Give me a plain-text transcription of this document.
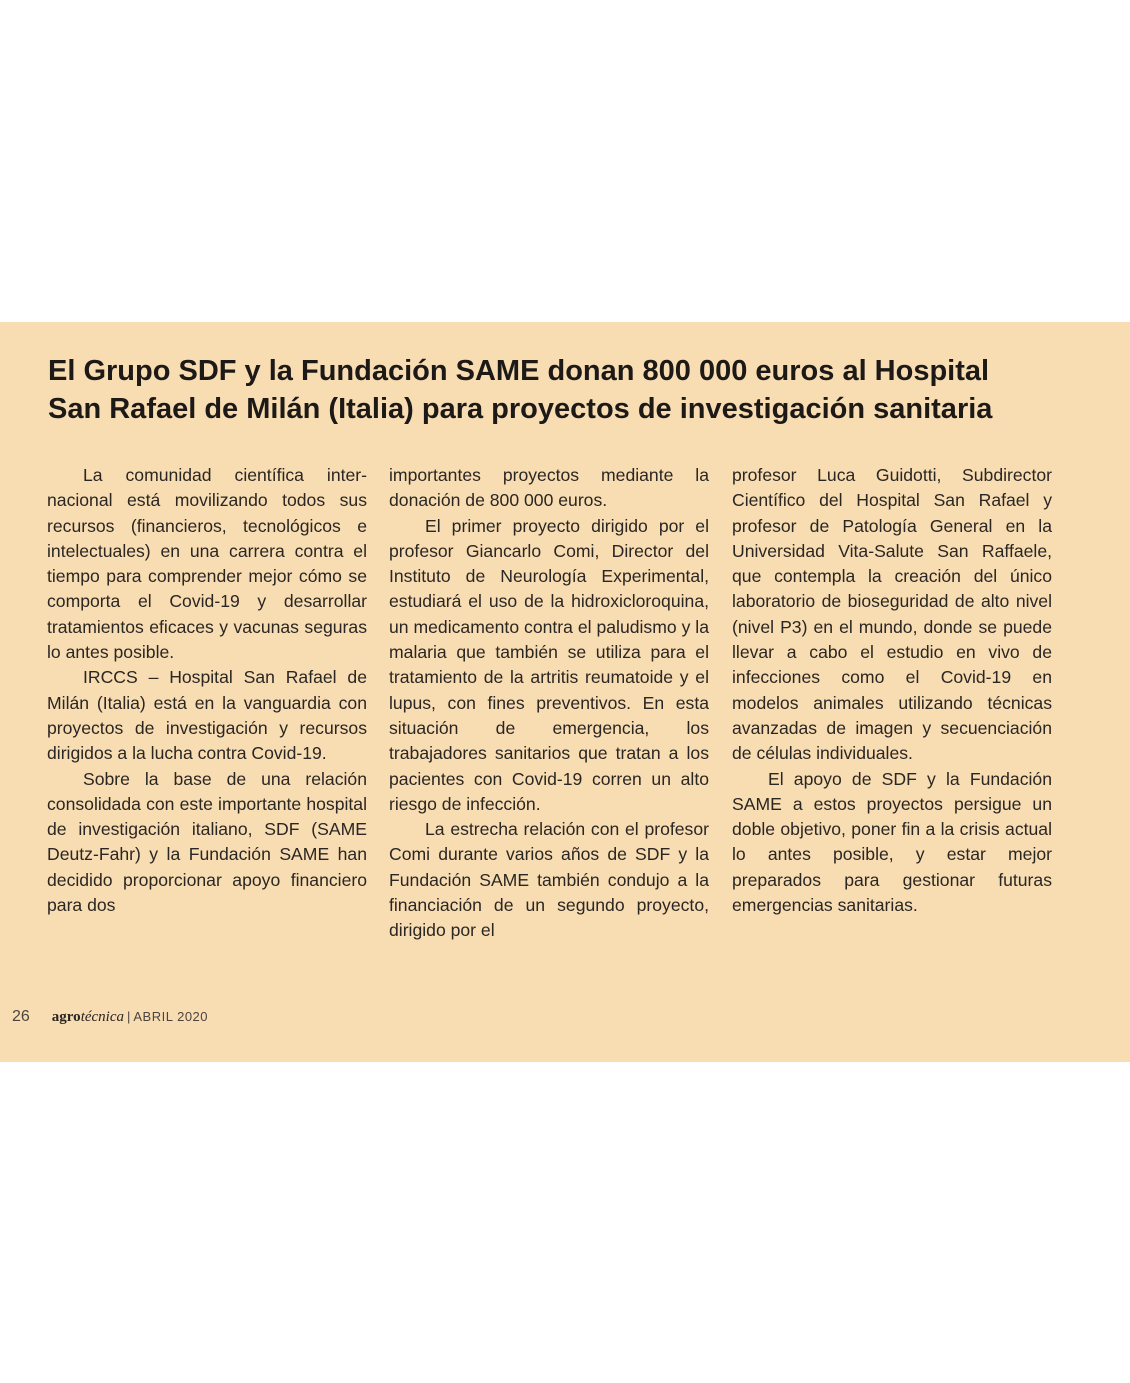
El Grupo SDF y la Fundación SAME donan 800 000 euros al Hospital
San Rafael de Milán (Italia) para proyectos de investigación sanitaria

La comunidad científica internacional está movilizando todos sus recursos (financieros, tecnológicos e intelectuales) en una carrera contra el tiempo para comprender mejor cómo se comporta el Covid-19 y desarrollar tratamientos eficaces y vacunas seguras lo antes posible.

IRCCS – Hospital San Rafael de Milán (Italia) está en la vanguardia con proyectos de investigación y recursos dirigidos a la lucha contra Covid-19.

Sobre la base de una relación consolidada con este importante hospital de investigación italiano, SDF (SAME Deutz-Fahr) y la Fundación SAME han decidido proporcionar apoyo financiero para dos

importantes proyectos mediante la donación de 800 000 euros.

El primer proyecto dirigido por el profesor Giancarlo Comi, Director del Instituto de Neurología Experimental, estudiará el uso de la hidroxicloroquina, un medicamento contra el paludismo y la malaria que también se utiliza para el tratamiento de la artritis reumatoide y el lupus, con fines preventivos. En esta situación de emergencia, los trabajadores sanitarios que tratan a los pacientes con Covid-19 corren un alto riesgo de infección.

La estrecha relación con el profesor Comi durante varios años de SDF y la Fundación SAME también condujo a la financiación de un segundo proyecto, dirigido por el

profesor Luca Guidotti, Subdirector Científico del Hospital San Rafael y profesor de Patología General en la Universidad Vita-Salute San Raffaele, que contempla la creación del único laboratorio de bioseguridad de alto nivel (nivel P3) en el mundo, donde se puede llevar a cabo el estudio en vivo de infecciones como el Covid-19 en modelos animales utilizando técnicas avanzadas de imagen y secuenciación de células individuales.

El apoyo de SDF y la Fundación SAME a estos proyectos persigue un doble objetivo, poner fin a la crisis actual lo antes posible, y estar mejor preparados para gestionar futuras emergencias sanitarias.

26 agrotécnica | ABRIL 2020
